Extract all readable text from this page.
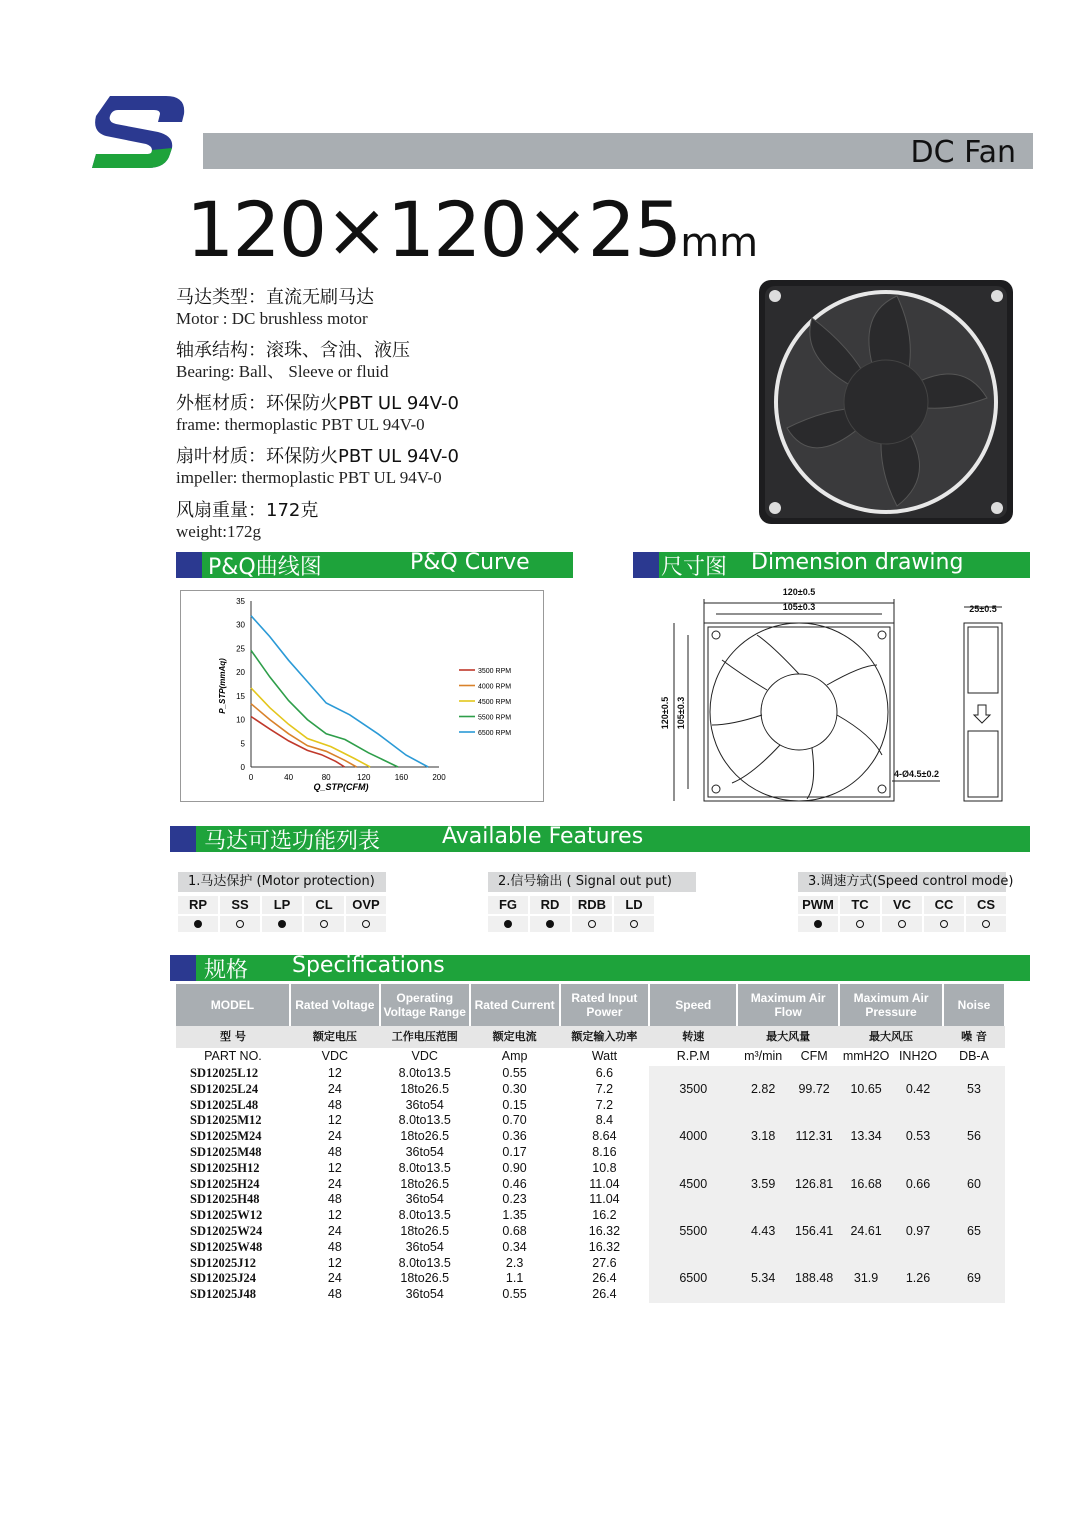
DC Fan
120×120×25mm
马达类型：直流无刷马达
Motor : DC brushless motor
轴承结构：滚珠、含油、液压
Bearing: Ball、 Sleeve or fluid
外框材质：环保防火PBT UL 94V-0
frame: thermoplastic PBT UL 94V-0
扇叶材质：环保防火PBT UL 94V-0
impeller: thermoplastic PBT UL 94V-0
风扇重量：172克
weight:172g
P&Q曲线图	P&Q Curve	尺寸图 Dimension drawing
0	40	80	120	160	200
0
5
10
15
20
25
30
35
3500 RPM
4000 RPM
4500 RPM
5500 RPM
6500 RPM
Q_STP(CFM)
P_STP(mmAq)
120±0.5
105±0.3	25±0.5
4-Ø4.5±0.2
120±0.5 105±0.3
马达可选功能列表	Available Features
1.马达保护 (Motor protection)
RP	SS	LP	CL	OVP
2.信号输出 ( Signal out put)
FG	RD	RDB	LD
3.调速方式(Speed control mode)
PWM	TC	VC	CC	CS
规格 Specifications
MODEL	Rated Voltage	Operating Voltage Range	Rated Current	Rated Input Power	Speed	Maximum Air Flow		Maximum Air Pressure		Noise
型 号	额定电压	工作电压范围	额定电流	额定输入功率	转速	最大风量		最大风压		噪 音
PART NO.	VDC	VDC	Amp	Watt	R.P.M	m³/min	CFM	mmH2O	INH2O	DB-A
SD12025L12	12	8.0to13.5	0.55	6.6	3500	2.82	99.72	10.65	0.42	53
SD12025L24	24	18to26.5	0.30	7.2						
SD12025L48	48	36to54	0.15	7.2						
SD12025M12	12	8.0to13.5	0.70	8.4	4000	3.18	112.31	13.34	0.53	56
SD12025M24	24	18to26.5	0.36	8.64						
SD12025M48	48	36to54	0.17	8.16						
SD12025H12	12	8.0to13.5	0.90	10.8	4500	3.59	126.81	16.68	0.66	60
SD12025H24	24	18to26.5	0.46	11.04						
SD12025H48	48	36to54	0.23	11.04						
SD12025W12	12	8.0to13.5	1.35	16.2	5500	4.43	156.41	24.61	0.97	65
SD12025W24	24	18to26.5	0.68	16.32						
SD12025W48	48	36to54	0.34	16.32						
SD12025J12	12	8.0to13.5	2.3	27.6	6500	5.34	188.48	31.9	1.26	69
SD12025J24	24	18to26.5	1.1	26.4						
SD12025J48	48	36to54	0.55	26.4						
